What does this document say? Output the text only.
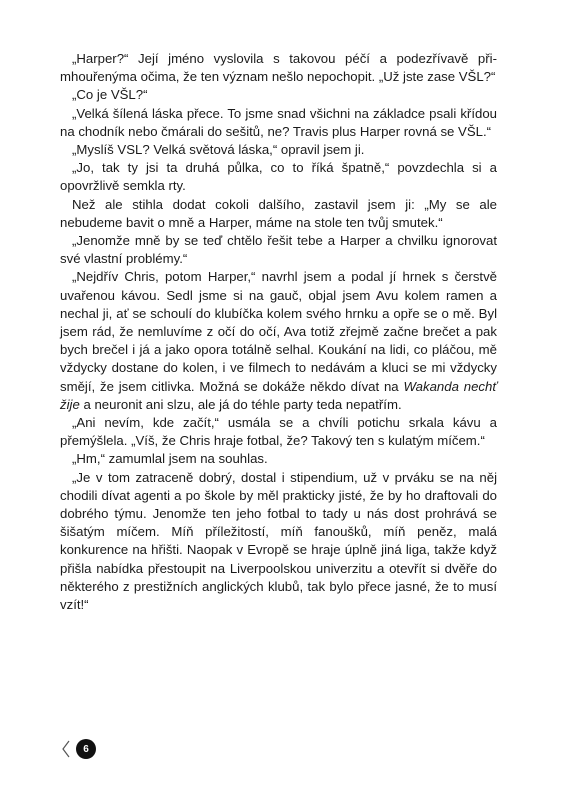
„Harper?“ Její jméno vyslovila s takovou péčí a podezřívavě přimhouřenýma očima, že ten význam nešlo nepochopit. „Už jste zase VŠL?“

„Co je VŠL?“

„Velká šílená láska přece. To jsme snad všichni na základce psali křídou na chodník nebo čmárali do sešitů, ne? Travis plus Harper rovná se VŠL.“

„Myslíš VSL? Velká světová láska,“ opravil jsem ji.

„Jo, tak ty jsi ta druhá půlka, co to říká špatně,“ povzdechla si a opovržlivě semkla rty.

Než ale stihla dodat cokoli dalšího, zastavil jsem ji: „My se ale nebudeme bavit o mně a Harper, máme na stole ten tvůj smutek.“

„Jenomže mně by se teď chtělo řešit tebe a Harper a chvilku ignorovat své vlastní problémy.“

„Nejdřív Chris, potom Harper,“ navrhl jsem a podal jí hrnek s čerstvě uvařenou kávou. Sedl jsme si na gauč, objal jsem Avu kolem ramen a nechal ji, ať se schoulí do klubíčka kolem svého hrnku a opře se o mě. Byl jsem rád, že nemluvíme z očí do očí, Ava totiž zřejmě začne brečet a pak bych brečel i já a jako opora totálně selhal. Koukání na lidi, co pláčou, mě vždycky dostane do kolen, i ve filmech to nedávám a kluci se mi vždycky smějí, že jsem citlivka. Možná se dokáže někdo dívat na Wakanda nechť žije a neuronit ani slzu, ale já do téhle party teda nepatřím.

„Ani nevím, kde začít,“ usmála se a chvíli potichu srkala kávu a přemýšlela. „Víš, že Chris hraje fotbal, že? Takový ten s kulatým míčem.“

„Hm,“ zamumlal jsem na souhlas.

„Je v tom zatraceně dobrý, dostal i stipendium, už v prváku se na něj chodili dívat agenti a po škole by měl prakticky jisté, že by ho draftovali do dobrého týmu. Jenomže ten jeho fotbal to tady u nás dost prohrává se šišatým míčem. Míň příležitostí, míň fanoušků, míň peněz, malá konkurence na hřišti. Naopak v Evropě se hraje úplně jiná liga, takže když přišla nabídka přestoupit na Liverpoolskou univerzitu a otevřít si dvěře do některého z prestižních anglických klubů, tak bylo přece jasné, že to musí vzít!“

6
